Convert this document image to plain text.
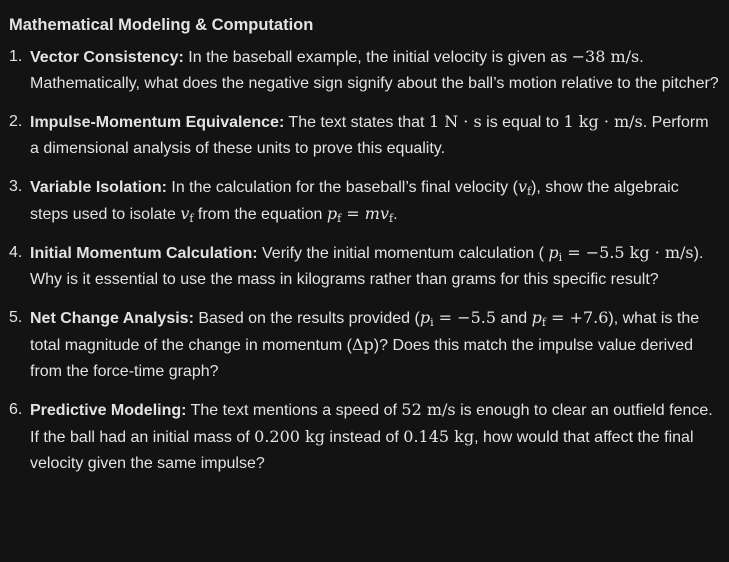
Mathematical Modeling & Computation
1. Vector Consistency: In the baseball example, the initial velocity is given as −38 m/s. Mathematically, what does the negative sign signify about the ball’s motion relative to the pitcher?
2. Impulse-Momentum Equivalence: The text states that 1 N · s is equal to 1 kg · m/s. Perform a dimensional analysis of these units to prove this equality.
3. Variable Isolation: In the calculation for the baseball’s final velocity $(v_f)$, show the algebraic steps used to isolate $v_f$ from the equation $p_f = mv_f$.
4. Initial Momentum Calculation: Verify the initial momentum calculation ( $p_i = -5.5$ kg · m/s). Why is it essential to use the mass in kilograms rather than grams for this specific result?
5. Net Change Analysis: Based on the results provided ($p_i = -5.5$ and $p_f = +7.6$), what is the total magnitude of the change in momentum (Δp)? Does this match the impulse value derived from the force-time graph?
6. Predictive Modeling: The text mentions a speed of 52 m/s is enough to clear an outfield fence. If the ball had an initial mass of 0.200 kg instead of 0.145 kg, how would that affect the final velocity given the same impulse?
